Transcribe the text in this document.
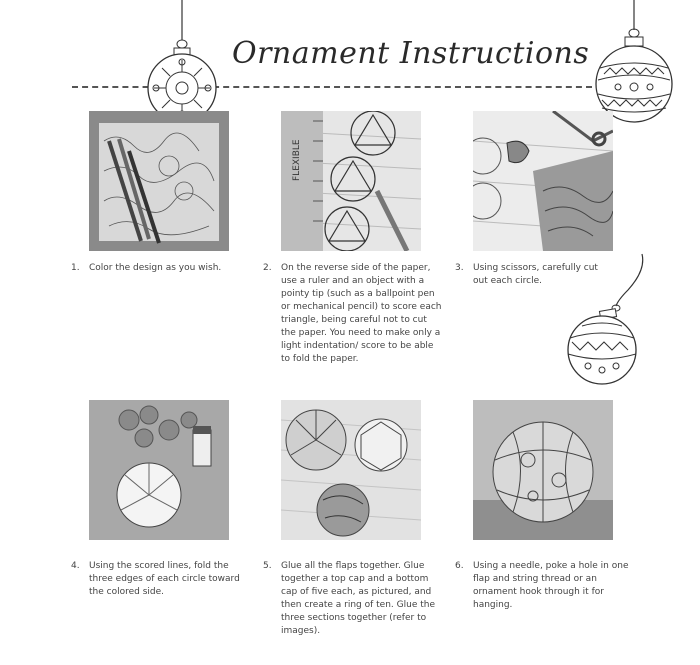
Ornament Instructions
FLEXIBLE
1. Color the design as you wish.	2. On the reverse side of the paper, use a ruler and an object with a pointy tip (such as a ballpoint pen or mechanical pencil) to score each triangle, being careful not to cut the paper. You need to make only a light indentation/ score to be able to fold the paper.
3. Using scissors, carefully cut out each circle.
4. Using the scored lines, fold the three edges of each circle toward the colored side.
5. Glue all the flaps together. Glue together a top cap and a bottom cap of five each, as pictured, and then create a ring of ten. Glue the three sections together (refer to images).
6. Using a needle, poke a hole in one flap and string thread or an ornament hook through it for hanging.
